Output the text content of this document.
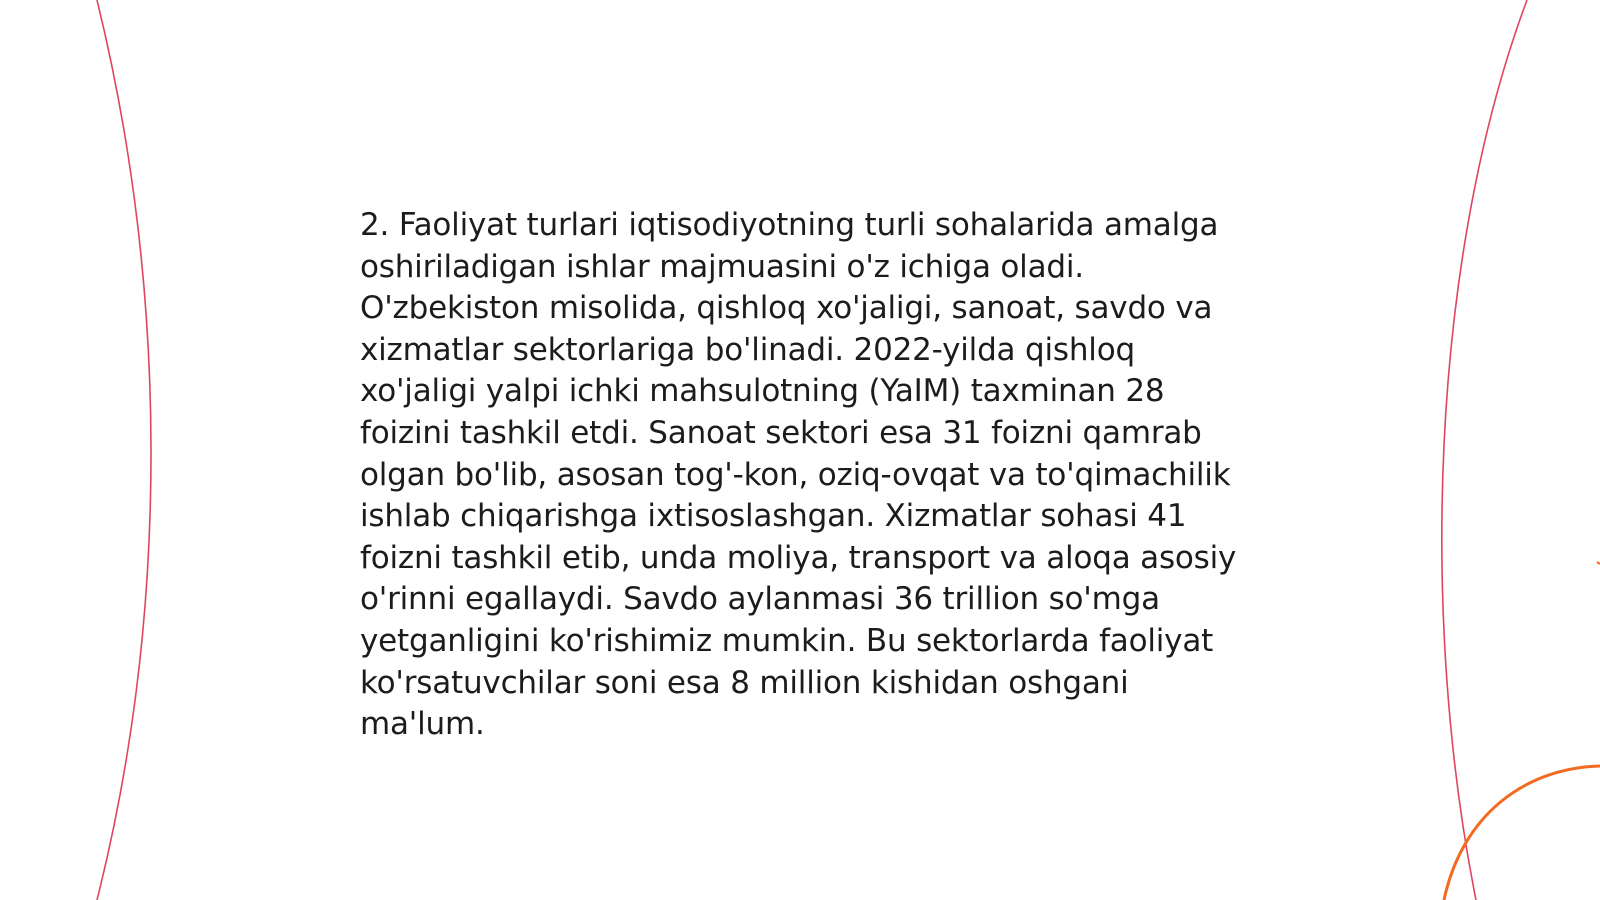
2. Faoliyat turlari iqtisodiyotning turli sohalarida amalga oshiriladigan ishlar majmuasini o'z ichiga oladi. O'zbekiston misolida, qishloq xo'jaligi, sanoat, savdo va xizmatlar sektorlariga bo'linadi. 2022-yilda qishloq xo'jaligi yalpi ichki mahsulotning (YaIM) taxminan 28 foizini tashkil etdi. Sanoat sektori esa 31 foizni qamrab olgan bo'lib, asosan tog'-kon, oziq-ovqat va to'qimachilik ishlab chiqarishga ixtisoslashgan. Xizmatlar sohasi 41 foizni tashkil etib, unda moliya, transport va aloqa asosiy o'rinni egallaydi. Savdo aylanmasi 36 trillion so'mga yetganligini ko'rishimiz mumkin. Bu sektorlarda faoliyat ko'rsatuvchilar soni esa 8 million kishidan oshgani ma'lum.
